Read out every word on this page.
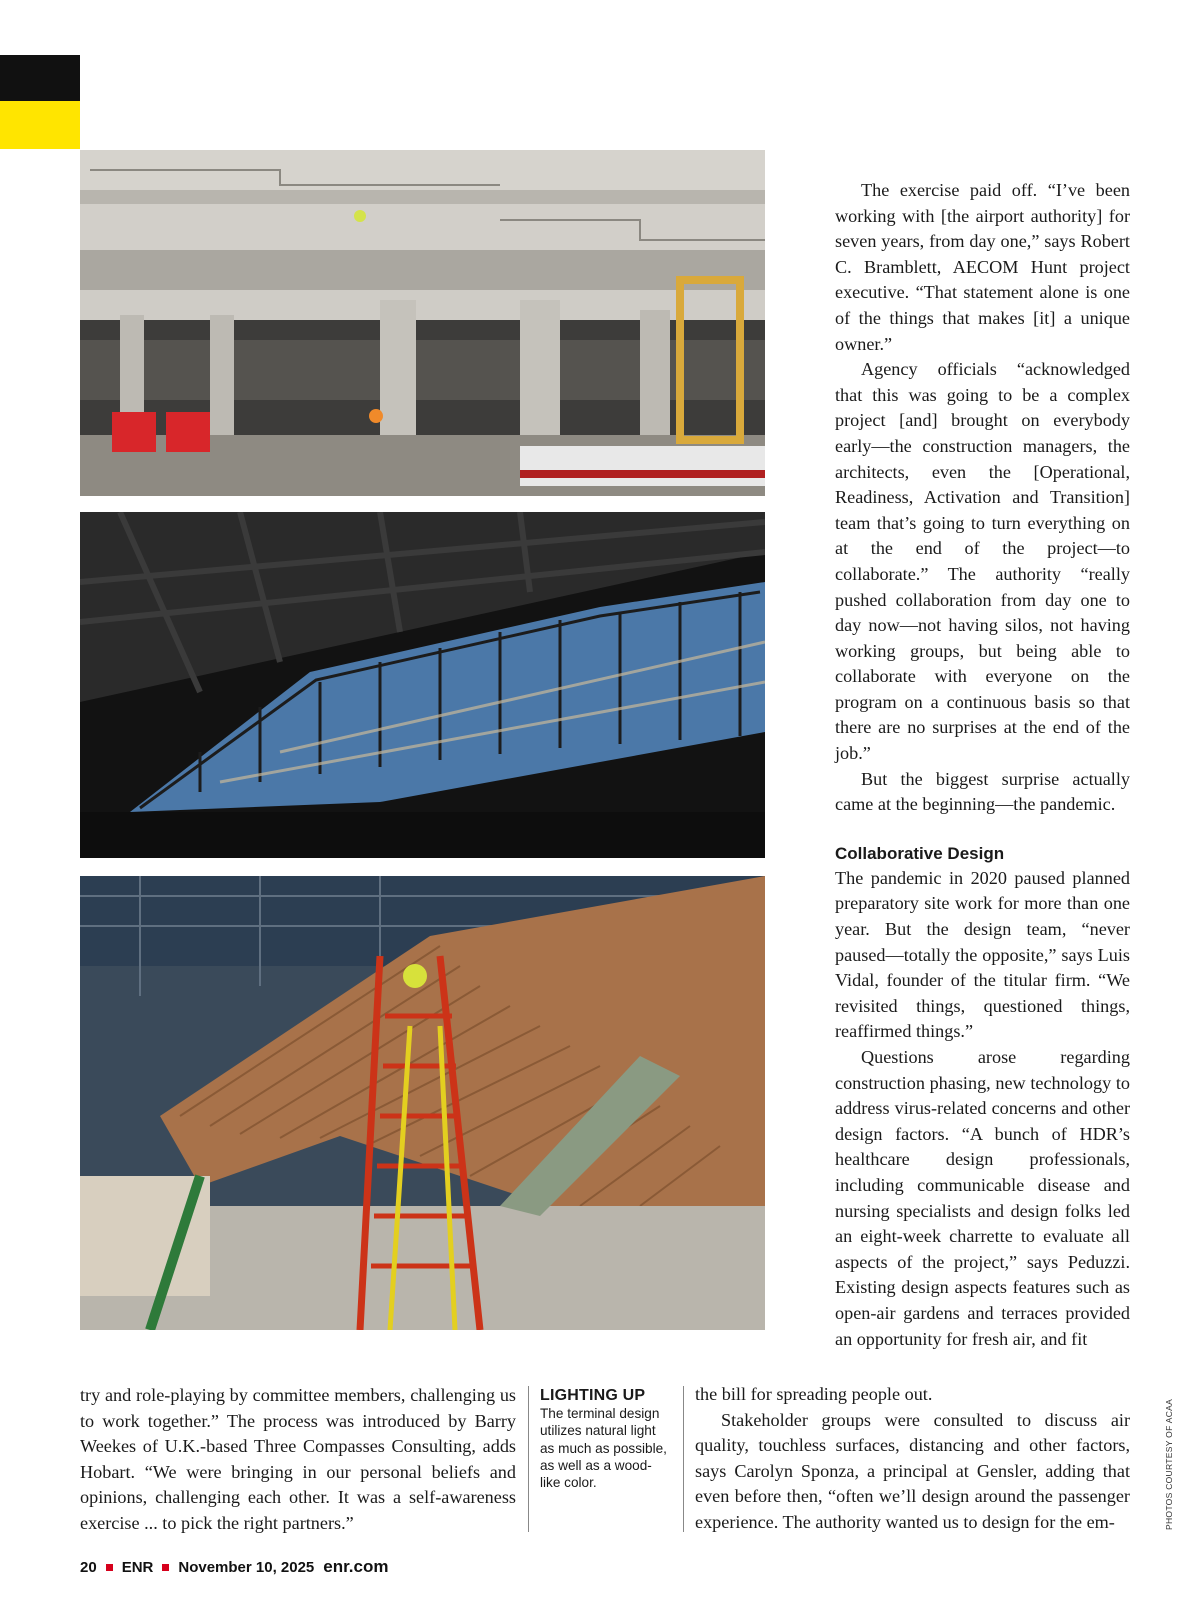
The exercise paid off. “I’ve been working with [the airport authority] for seven years, from day one,” says Robert C. Bramblett, AECOM Hunt project executive. “That statement alone is one of the things that makes [it] a unique owner.”

Agency officials “acknowledged that this was going to be a complex project [and] brought on everybody early—the construction managers, the architects, even the [Operational, Readiness, Activation and Transition] team that’s going to turn everything on at the end of the project—to collaborate.” The authority “really pushed collaboration from day one to day now—not having silos, not having working groups, but being able to collaborate with everyone on the program on a continuous basis so that there are no surprises at the end of the job.”

But the biggest surprise actually came at the beginning—the pandemic.

Collaborative Design

The pandemic in 2020 paused planned preparatory site work for more than one year. But the design team, “never paused—totally the opposite,” says Luis Vidal, founder of the titular firm. “We revisited things, questioned things, reaffirmed things.”

Questions arose regarding construction phasing, new technology to address virus-related concerns and other design factors. “A bunch of HDR’s healthcare design professionals, including communicable disease and nursing specialists and design folks led an eight-week charrette to evaluate all aspects of the project,” says Peduzzi. Existing design aspects features such as open-air gardens and terraces provided an opportunity for fresh air, and fit

try and role-playing by committee members, challenging us to work together.” The process was introduced by Barry Weekes of U.K.-based Three Compasses Consulting, adds Hobart. “We were bringing in our personal beliefs and opinions, challenging each other. It was a self-awareness exercise ... to pick the right partners.”

LIGHTING UP
The terminal design utilizes natural light as much as possible, as well as a wood-like color.

the bill for spreading people out.

Stakeholder groups were consulted to discuss air quality, touchless surfaces, distancing and other factors, says Carolyn Sponza, a principal at Gensler, adding that even before then, “often we’ll design around the passenger experience. The authority wanted us to design for the em-	PHOTOS COURTESY OF ACAA
20 ENR November 10, 2025 enr.com
